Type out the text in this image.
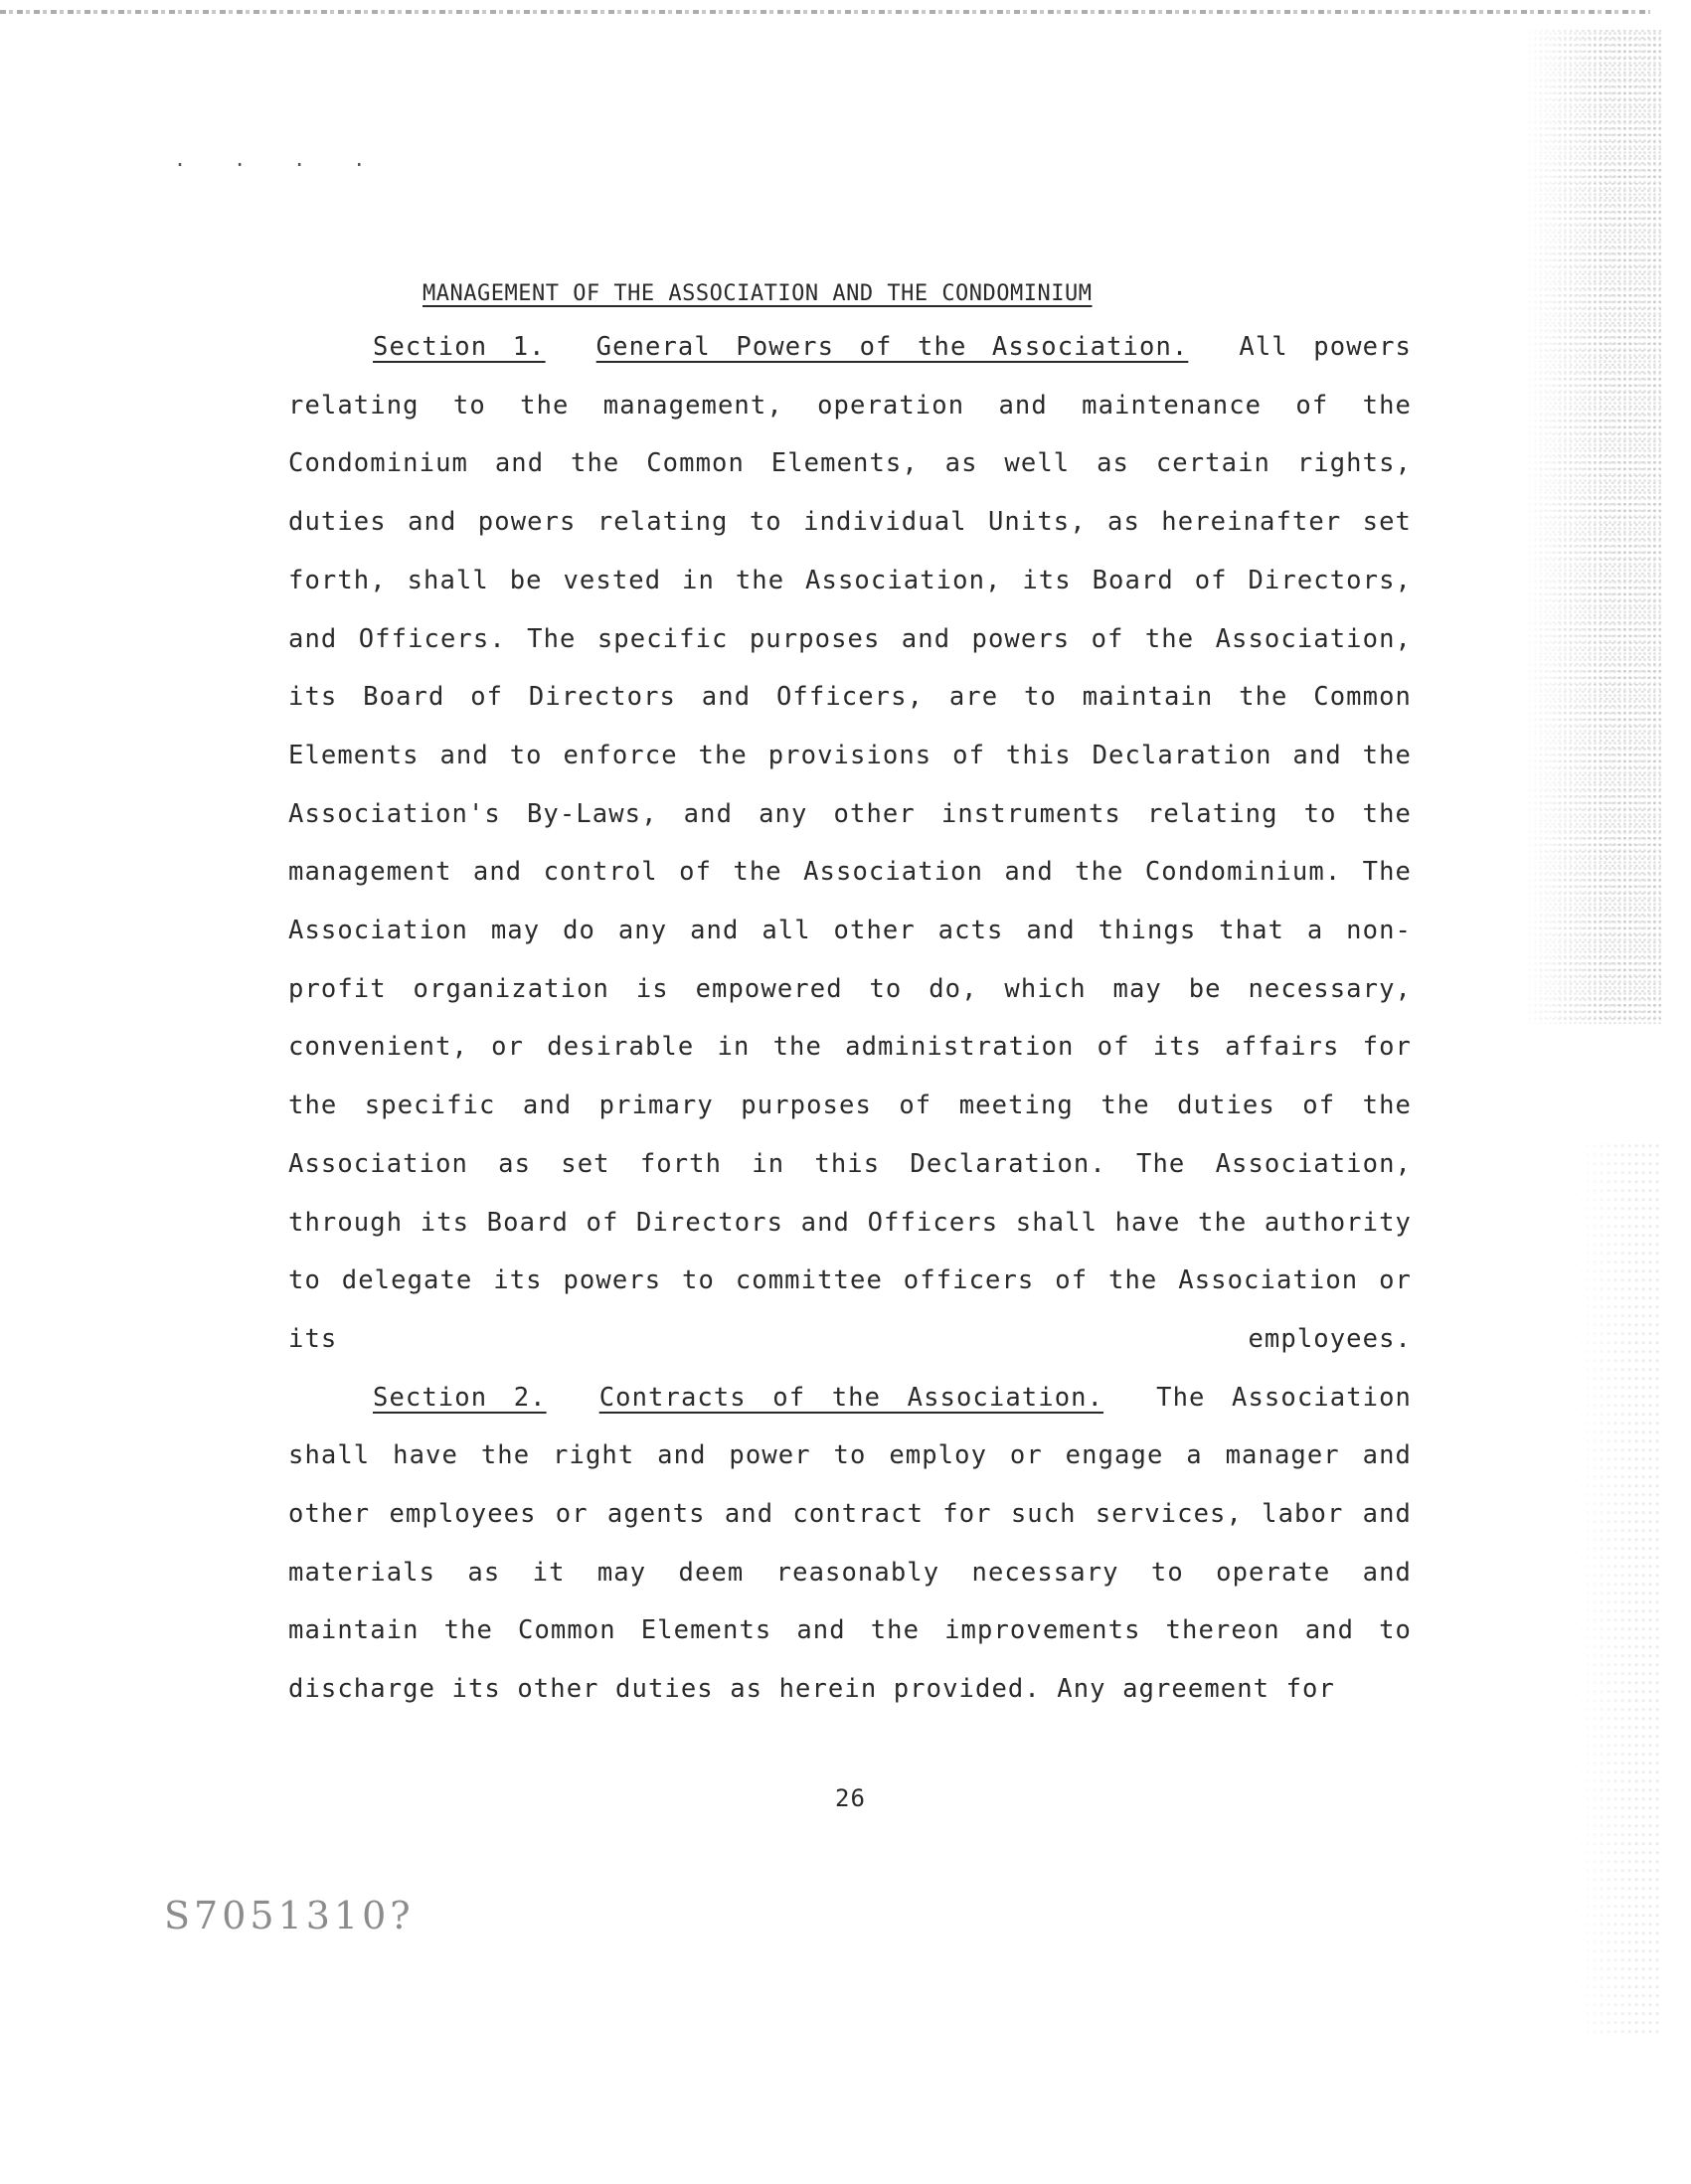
. . . .
MANAGEMENT OF THE ASSOCIATION AND THE CONDOMINIUM

Section 1. General Powers of the Association. All powers relating to the management, operation and maintenance of the Condominium and the Common Elements, as well as certain rights, duties and powers relating to individual Units, as hereinafter set forth, shall be vested in the Association, its Board of Directors, and Officers. The specific purposes and powers of the Association, its Board of Directors and Officers, are to maintain the Common Elements and to enforce the provisions of this Declaration and the Association's By-Laws, and any other instruments relating to the management and control of the Association and the Condominium. The Association may do any and all other acts and things that a non-profit organization is empowered to do, which may be necessary, convenient, or desirable in the administration of its affairs for the specific and primary purposes of meeting the duties of the Association as set forth in this Declaration. The Association, through its Board of Directors and Officers shall have the authority to delegate its powers to committee officers of the Association or its employees.

Section 2. Contracts of the Association. The Association shall have the right and power to employ or engage a manager and other employees or agents and contract for such services, labor and materials as it may deem reasonably necessary to operate and maintain the Common Elements and the improvements thereon and to discharge its other duties as herein provided. Any agreement for

26
S7051310?
